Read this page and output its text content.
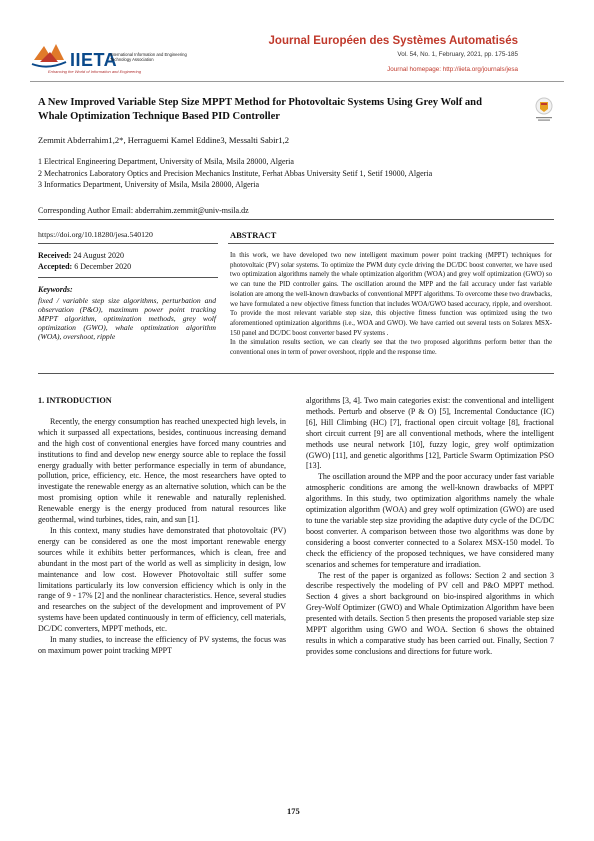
IIETA
International Information and Engineering Technology Association
Enhancing the World of Information and Engineering
Journal Européen des Systèmes Automatisés
Vol. 54, No. 1, February, 2021, pp. 175-185
Journal homepage: http://iieta.org/journals/jesa
A New Improved Variable Step Size MPPT Method for Photovoltaic Systems Using Grey Wolf and Whale Optimization Technique Based PID Controller
Zemmit Abderrahim1,2*, Herraguemi Kamel Eddine3, Messalti Sabir1,2
1 Electrical Engineering Department, University of Msila, Msila 28000, Algeria
2 Mechatronics Laboratory Optics and Precision Mechanics Institute, Ferhat Abbas University Setif 1, Setif 19000, Algeria
3 Informatics Department, University of Msila, Msila 28000, Algeria
Corresponding Author Email: abderrahim.zemmit@univ-msila.dz
https://doi.org/10.18280/jesa.540120
Received: 24 August 2020
Accepted: 6 December 2020
Keywords:
fixed / variable step size algorithms, perturbation and observation (P&O), maximum power point tracking MPPT algorithm, optimization methods, grey wolf optimization (GWO), whale optimization algorithm (WOA), overshoot, ripple
ABSTRACT

In this work, we have developed two new intelligent maximum power point tracking (MPPT) techniques for photovoltaic (PV) solar systems. To optimize the PWM duty cycle driving the DC/DC boost converter, we have used two optimization algorithms namely the whale optimization algorithm (WOA) and grey wolf optimization (GWO) so we can tune the PID controller gains. The oscillation around the MPP and the fail accuracy under fast variable isolation are among the well-known drawbacks of conventional MPPT algorithms. To overcome these two drawbacks, we have formulated a new objective fitness function that includes WOA/GWO based accuracy, ripple, and overshoot. To provide the most relevant variable step size, this objective fitness function was optimized using the two aforementioned optimization algorithms (i.e., WOA and GWO). We have carried out several tests on Solarex MSX-150 panel and DC/DC boost converter based PV systems .

In the simulation results section, we can clearly see that the two proposed algorithms perform better than the conventional ones in term of power overshoot, ripple and the response time.

1. INTRODUCTION

Recently, the energy consumption has reached unexpected high levels, in which it surpassed all expectations, besides, continuous increasing demand and the high cost of conventional energies have forced many countries and institutions to find and develop new energy source able to replace the fossil energy gradually with better performance especially in term of abundance, pollution, price, efficiency, etc. Hence, the most researchers have opted to investigate the renewable energy as an alternative solution, which can be the most promising option while it renewable and naturally replenished. Renewable energy is the energy produced from natural resources like geothermal, wind turbines, tides, rain, and sun [1].

In this context, many studies have demonstrated that photovoltaic (PV) energy can be considered as one the most important renewable energy sources while it exhibits better performances, which is clean, free and abundant in the most part of the world as well as simplicity in design, low maintenance and low cost. However Photovoltaic still suffer some limitations particularly its low conversion efficiency which is only in the range of 9 - 17% [2] and the nonlinear characteristics. Hence, several studies and researches on the subject of the development and improvement of PV systems have been updated continuously in term of efficiency, cell materials, DC/DC converters, MPPT methods, etc.

In many studies, to increase the efficiency of PV systems, the focus was on maximum power point tracking MPPT

algorithms [3, 4]. Two main categories exist: the conventional and intelligent methods. Perturb and observe (P & O) [5], Incremental Conductance (IC) [6], Hill Climbing (HC) [7], fractional open circuit voltage [8], fractional short circuit current [9] are all conventional methods, where the intelligent methods use neural network [10], fuzzy logic, grey wolf optimization (GWO) [11], and genetic algorithms [12], Particle Swarm Optimization PSO [13].

The oscillation around the MPP and the poor accuracy under fast variable atmospheric conditions are among the well-known drawbacks of MPPT algorithms. In this study, two optimization algorithms namely the whale optimization algorithm (WOA) and grey wolf optimization (GWO) are used to tune the variable step size providing the adaptive duty cycle of the DC/DC boost converter. A comparison between those two algorithms was done by considering a boost converter connected to a Solarex MSX-150 model. To check the efficiency of the proposed techniques, we have considered many scenarios and schemes for temperature and irradiation.

The rest of the paper is organized as follows: Section 2 and section 3 describe respectively the modeling of PV cell and P&O MPPT method. Section 4 gives a short background on bio-inspired algorithms in which Grey-Wolf Optimizer (GWO) and Whale Optimization Algorithm have been presented with details. Section 5 then presents the proposed variable step size MPPT algorithm using GWO and WOA. Section 6 shows the obtained results in which a comparative study has been carried out. Finally, Section 7 provides some conclusions and directions for future work.

175
